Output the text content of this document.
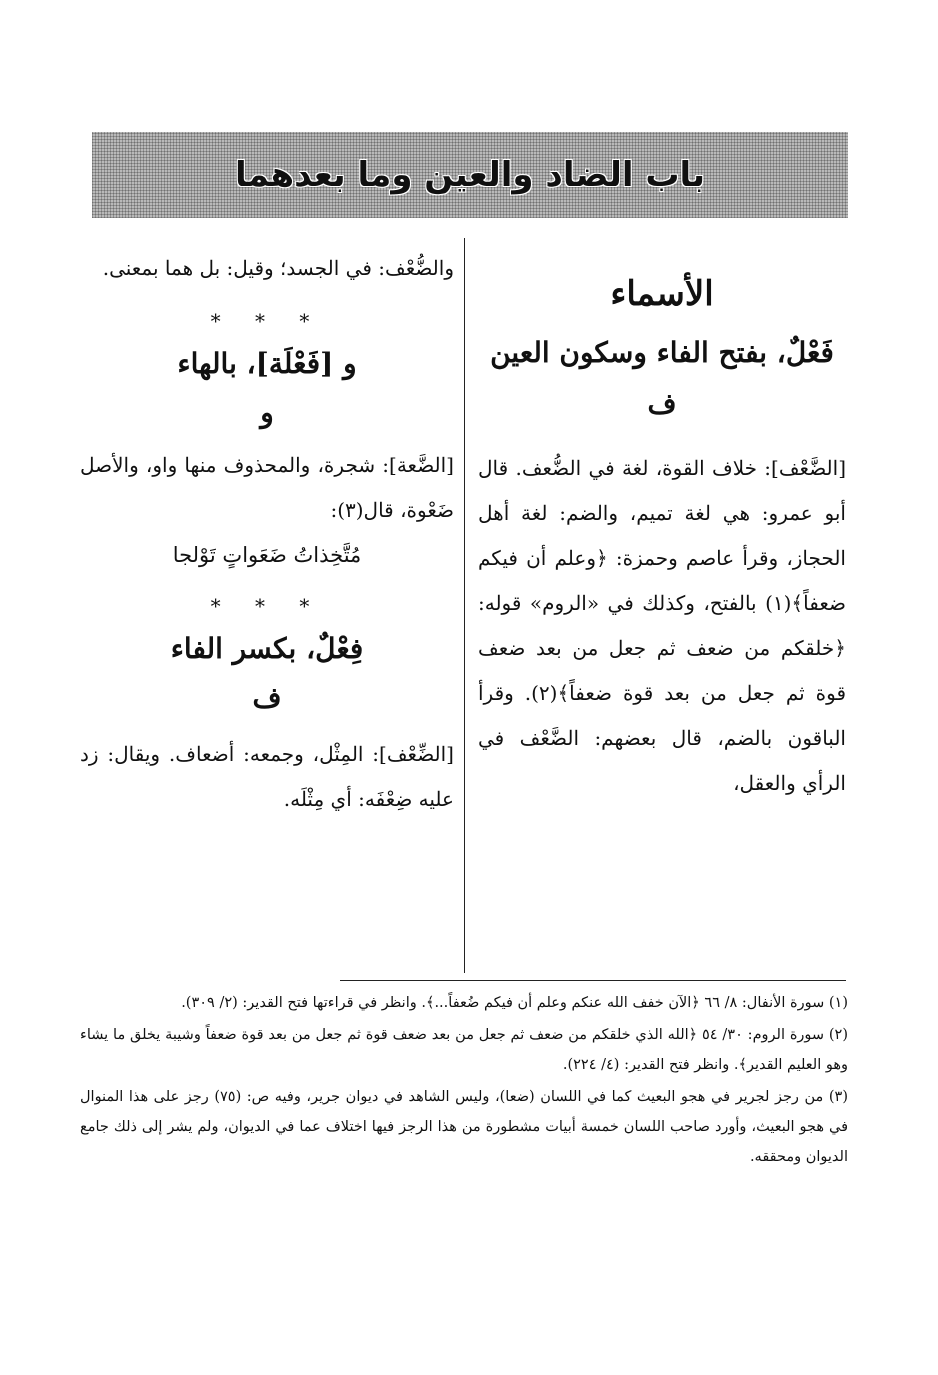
باب الضاد والعين وما بعدهما

الأسماء

فَعْلٌ، بفتح الفاء وسكون العين

ف

[الضَّعْف]: خلاف القوة، لغة في الضُّعف. قال أبو عمرو: هي لغة تميم، والضم: لغة أهل الحجاز، وقرأ عاصم وحمزة: ﴿وعلم أن فيكم ضعفاً﴾(١) بالفتح، وكذلك في «الروم» قوله: ﴿خلقكم من ضعف ثم جعل من بعد ضعف قوة ثم جعل من بعد قوة ضعفاً﴾(٢). وقرأ الباقون بالضم، قال بعضهم: الضَّعْف في الرأي والعقل،

والضُّعْف: في الجسد؛ وقيل: بل هما بمعنى.

* * *

و [فَعْلَة]، بالهاء

و

[الضَّعة]: شجرة، والمحذوف منها واو، والأصل ضَعْوة، قال(٣):

مُتَّخِذاتُ ضَعَواتٍ تَوْلجا

* * *

فِعْلٌ، بكسر الفاء

ف

[الضِّعْف]: المِثْل، وجمعه: أضعاف. ويقال: زد عليه ضِعْفَه: أي مِثْلَه.

(١) سورة الأنفال: ٨/ ٦٦ ﴿الآن خفف الله عنكم وعلم أن فيكم ضُعفاً...﴾. وانظر في قراءتها فتح القدير: (٢/ ٣٠٩).

(٢) سورة الروم: ٣٠/ ٥٤ ﴿الله الذي خلقكم من ضعف ثم جعل من بعد ضعف قوة ثم جعل من بعد قوة ضعفاً وشيبة يخلق ما يشاء وهو العليم القدير﴾. وانظر فتح القدير: (٤/ ٢٢٤).

(٣) من رجز لجرير في هجو البعيث كما في اللسان (ضعا)، وليس الشاهد في ديوان جرير، وفيه ص: (٧٥) رجز على هذا المنوال في هجو البعيث، وأورد صاحب اللسان خمسة أبيات مشطورة من هذا الرجز فيها اختلاف عما في الديوان، ولم يشر إلى ذلك جامع الديوان ومحققه.
